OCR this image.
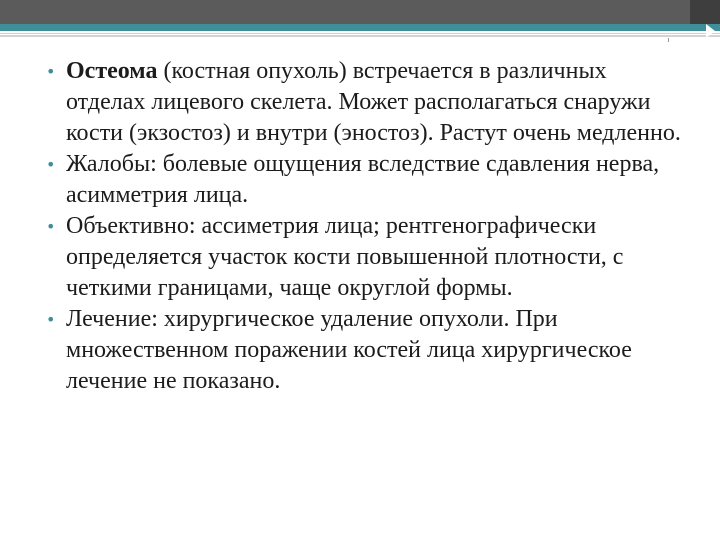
• Остеома (костная опухоль) встречается в различных отделах лицевого скелета. Может располагаться снаружи кости (экзостоз) и внутри (эностоз). Растут очень медленно.
• Жалобы: болевые ощущения вследствие сдавления нерва, асимметрия лица.
• Объективно: ассиметрия лица; рентгенографически определяется участок кости повышенной плотности, с четкими границами, чаще округлой формы.
• Лечение: хирургическое удаление опухоли. При множественном поражении костей лица хирургическое лечение не показано.
